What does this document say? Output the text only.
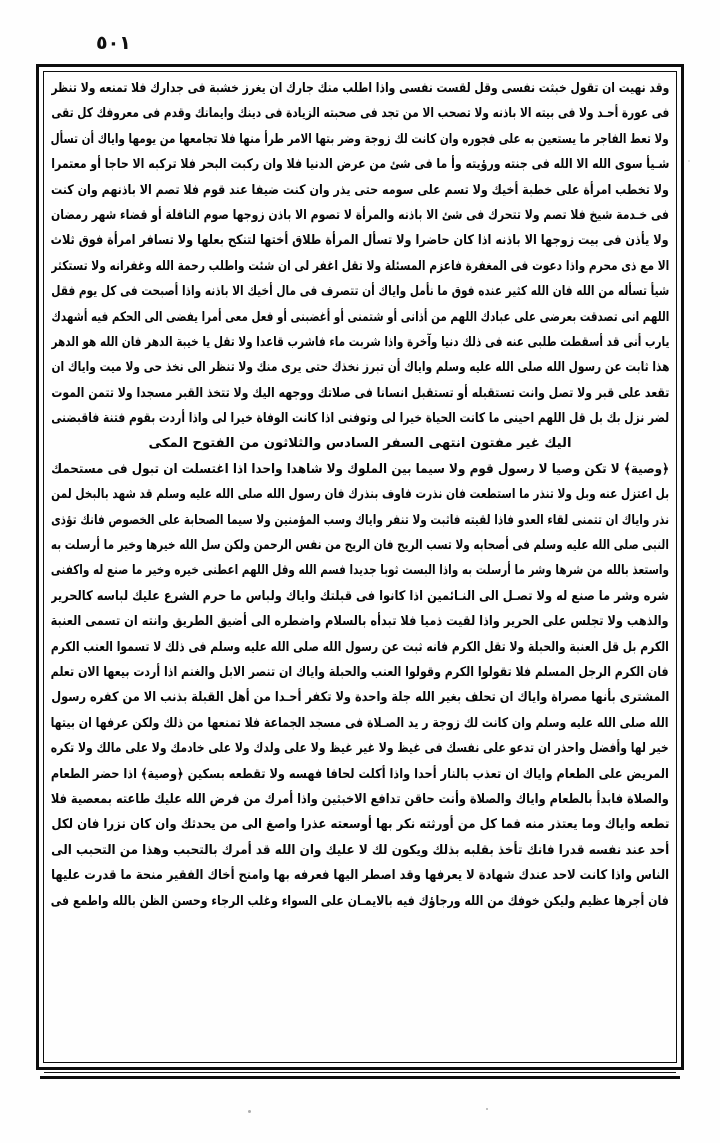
٥٠١
وقد نهيت ان تقول خبثت نفسى وقل لقست نفسى واذا اطلب منك جارك ان يغرز خشبة فى جدارك فلا تمنعه ولا تنظر
فى عورة أحـد ولا فى بيته الا باذنه ولا تصحب الا من تجد فى صحبته الزيادة فى دينك وايمانك وقدم فى معروفك كل تقى
ولا تعط الفاجر ما يستعين به على فجوره وان كانت لك زوجة وضر بتها الامر طرأ منها فلا تجامعها من يومها واياك أن تسأل
شـيأ سوى الله الا الله فى جنته ورؤيته وأ ما فى شئ من عرض الدنيا فلا وان ركبت البحر فلا تركبه الا حاجا أو معتمرا
ولا تخطب امرأة على خطبة أخيك ولا تسم على سومه حتى يذر وان كنت ضيفا عند قوم فلا تصم الا باذنهم وان كنت
فى خـدمة شيخ فلا تصم ولا تتحرك فى شئ الا باذنه والمرأة لا تصوم الا باذن زوجها صوم النافلة أو قضاء شهر رمضان
ولا يأذن فى بيت زوجها الا باذنه اذا كان حاضرا ولا تسأل المرأة طلاق أختها لتنكح بعلها ولا تسافر امرأة فوق ثلاث
الا مع ذى محرم واذا دعوت فى المغفرة فاعزم المسئلة ولا تقل اغفر لى ان شئت واطلب رحمة الله وغفرانه ولا تستكثر
شيأ تسأله من الله فان الله كثير عنده فوق ما نأمل واياك أن تتصرف فى مال أخيك الا باذنه واذا أصبحت فى كل يوم فقل
اللهم انى تصدقت بعرضى على عبادك اللهم من أذانى أو شتمنى أو أغضبنى أو فعل معى أمرا يفضى الى الحكم فيه أشهدك
يارب أنى قد أسقطت طلبى عنه فى ذلك دنيا وآخرة واذا شربت ماء فاشرب قاعدا ولا تقل يا خيبة الدهر فان الله هو الدهر
هذا ثابت عن رسول الله صلى الله عليه وسلم واياك أن تبرز نخذك حتى يرى منك ولا تنظر الى نخذ حى ولا ميت واياك ان
تقعد على قبر ولا تصل وانت تستقبله أو تستقبل انسانا فى صلاتك ووجهه اليك ولا تتخذ القبر مسجدا ولا تتمن الموت
لضر نزل بك بل قل اللهم احينى ما كانت الحياة خيرا لى وتوفنى اذا كانت الوفاة خيرا لى واذا أردت بقوم فتنة فاقبضنى
اليك غير مفتون انتهى السفر السادس والثلاثون من الفتوح المكى
﴿وصية﴾ لا تكن وصيا لا رسول قوم ولا سيما بين الملوك ولا شاهدا واحدا اذا اغتسلت ان تبول فى مستحمك
بل اعتزل عنه وبل ولا تنذر ما استطعت فان نذرت فاوف بنذرك فان رسول الله صلى الله عليه وسلم قد شهد بالبخل لمن
نذر واياك ان تتمنى لقاء العدو فاذا لقيته فاثبت ولا تنفر واياك وسب المؤمنين ولا سيما الصحابة على الخصوص فانك تؤذى
النبى صلى الله عليه وسلم فى أصحابه ولا تسب الريح فان الريح من نفس الرحمن ولكن سل الله خيرها وخير ما أرسلت به
واستعذ بالله من شرها وشر ما أرسلت به واذا البست ثوبا جديدا فسم الله وقل اللهم اعطنى خيره وخير ما صنع له واكفنى
شره وشر ما صنع له ولا تصـل الى النـائمين اذا كانوا فى قبلتك واياك ولباس ما حرم الشرع عليك لباسه كالحرير
والذهب ولا تجلس على الحرير واذا لقيت ذميا فلا تبدأه بالسلام واضطره الى أضيق الطريق وانته ان تسمى العنبة
الكرم بل قل العنبة والحبلة ولا تقل الكرم فانه ثبت عن رسول الله صلى الله عليه وسلم فى ذلك لا تسموا العنب الكرم
فان الكرم الرجل المسلم فلا تقولوا الكرم وقولوا العنب والحبلة واياك ان تنصر الابل والغنم اذا أردت بيعها الان تعلم
المشترى بأنها مصراة واياك ان تحلف بغير الله جلة واحدة ولا تكفر أحـدا من أهل القبلة بذنب الا من كفره رسول
الله صلى الله عليه وسلم وان كانت لك زوجة ر يد الصـلاة فى مسجد الجماعة فلا تمنعها من ذلك ولكن عرفها ان بيتها
خير لها وأفضل واحذر ان تدعو على نفسك فى غيظ ولا غير غيظ ولا على ولدك ولا على خادمك ولا على مالك ولا تكره
المريض على الطعام واياك ان تعذب بالنار أحدا واذا أكلت لحافا فهسه ولا تقطعه بسكين ﴿وصية﴾ اذا حضر الطعام
والصلاة فابدأ بالطعام واياك والصلاة وأنت حاقن تدافع الاخبثين واذا أمرك من فرض الله عليك طاعته بمعصية فلا
تطعه واياك وما يعتذر منه فما كل من أورثته نكر بها أوسعته عذرا واصغ الى من يحدثك وان كان نزرا فان لكل
أحد عند نفسه قدرا فانك تأخذ بقلبه بذلك ويكون لك لا عليك وان الله قد أمرك بالتحبب وهذا من التحبب الى
الناس واذا كانت لاحد عندك شهادة لا يعرفها وقد اصطر اليها فعرفه بها وامنح أخاك الفقير منحة ما قدرت عليها
فان أجرها عظيم وليكن خوفك من الله ورجاؤك فيه بالايمـان على السواء وغلب الرجاء وحسن الظن بالله واطمع فى
